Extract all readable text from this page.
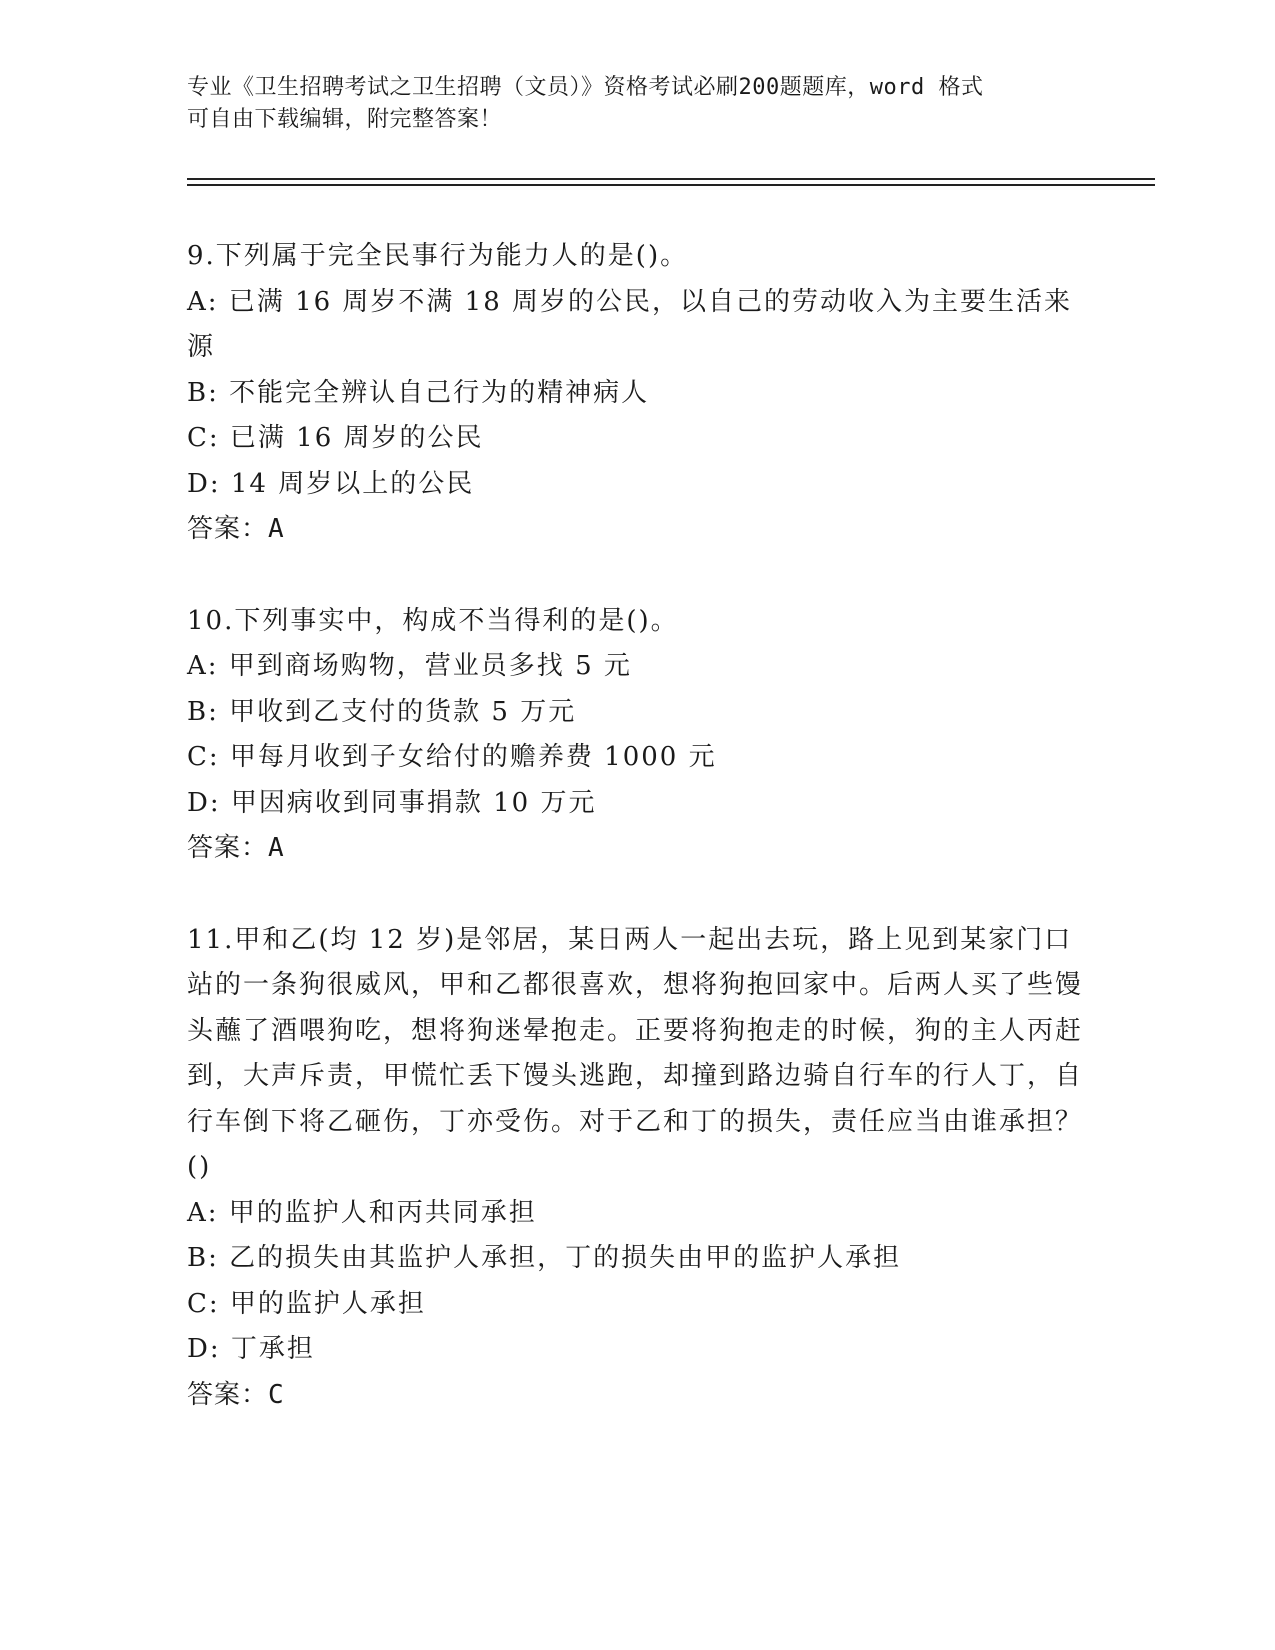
专业《卫生招聘考试之卫生招聘（文员）》资格考试必刷200题题库，word 格式
可自由下载编辑，附完整答案！
9.下列属于完全民事行为能力人的是()。
A: 已满 16 周岁不满 18 周岁的公民，以自己的劳动收入为主要生活来源
B: 不能完全辨认自己行为的精神病人
C: 已满 16 周岁的公民
D: 14 周岁以上的公民
答案：A
10.下列事实中，构成不当得利的是()。
A: 甲到商场购物，营业员多找 5 元
B: 甲收到乙支付的货款 5 万元
C: 甲每月收到子女给付的赡养费 1000 元
D: 甲因病收到同事捐款 10 万元
答案：A
11.甲和乙(均 12 岁)是邻居，某日两人一起出去玩，路上见到某家门口站的一条狗很威风，甲和乙都很喜欢，想将狗抱回家中。后两人买了些馒头蘸了酒喂狗吃，想将狗迷晕抱走。正要将狗抱走的时候，狗的主人丙赶到，大声斥责，甲慌忙丢下馒头逃跑，却撞到路边骑自行车的行人丁，自行车倒下将乙砸伤，丁亦受伤。对于乙和丁的损失，责任应当由谁承担？()
A: 甲的监护人和丙共同承担
B: 乙的损失由其监护人承担，丁的损失由甲的监护人承担
C: 甲的监护人承担
D: 丁承担
答案：C
